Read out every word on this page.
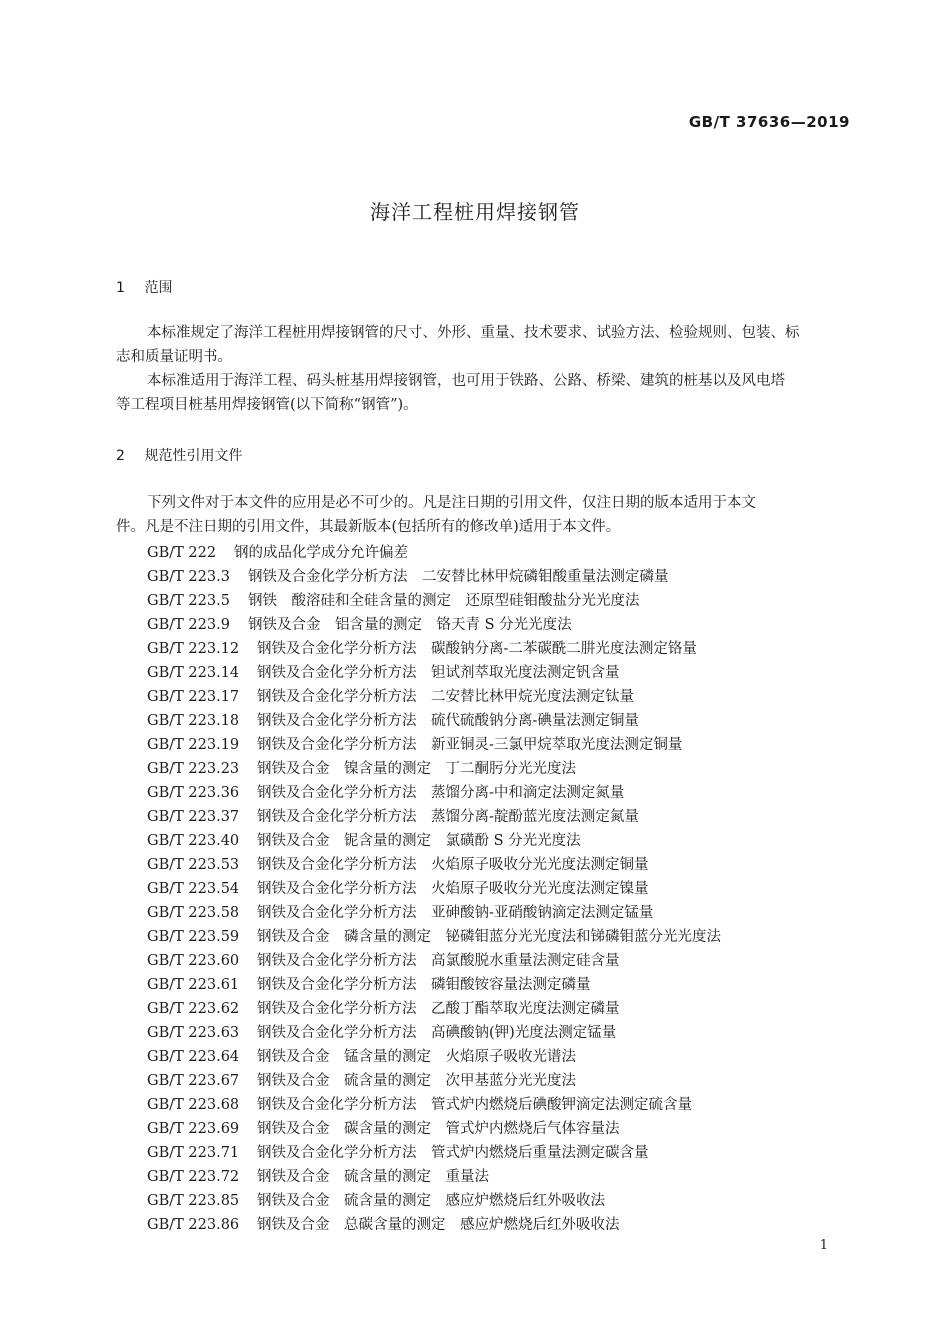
GB/T 37636—2019
海洋工程桩用焊接钢管
1 范围
本标准规定了海洋工程桩用焊接钢管的尺寸、外形、重量、技术要求、试验方法、检验规则、包装、标
志和质量证明书。
本标准适用于海洋工程、码头桩基用焊接钢管，也可用于铁路、公路、桥梁、建筑的桩基以及风电塔
等工程项目桩基用焊接钢管(以下简称“钢管”)。
2 规范性引用文件
下列文件对于本文件的应用是必不可少的。凡是注日期的引用文件，仅注日期的版本适用于本文
件。凡是不注日期的引用文件，其最新版本(包括所有的修改单)适用于本文件。
GB/T 222 钢的成品化学成分允许偏差
GB/T 223.3 钢铁及合金化学分析方法　二安替比林甲烷磷钼酸重量法测定磷量
GB/T 223.5 钢铁　酸溶硅和全硅含量的测定　还原型硅钼酸盐分光光度法
GB/T 223.9 钢铁及合金　铝含量的测定　铬天青 S 分光光度法
GB/T 223.12 钢铁及合金化学分析方法　碳酸钠分离-二苯碳酰二肼光度法测定铬量
GB/T 223.14 钢铁及合金化学分析方法　钽试剂萃取光度法测定钒含量
GB/T 223.17 钢铁及合金化学分析方法　二安替比林甲烷光度法测定钛量
GB/T 223.18 钢铁及合金化学分析方法　硫代硫酸钠分离-碘量法测定铜量
GB/T 223.19 钢铁及合金化学分析方法　新亚铜灵-三氯甲烷萃取光度法测定铜量
GB/T 223.23 钢铁及合金　镍含量的测定　丁二酮肟分光光度法
GB/T 223.36 钢铁及合金化学分析方法　蒸馏分离-中和滴定法测定氮量
GB/T 223.37 钢铁及合金化学分析方法　蒸馏分离-靛酚蓝光度法测定氮量
GB/T 223.40 钢铁及合金　铌含量的测定　氯磺酚 S 分光光度法
GB/T 223.53 钢铁及合金化学分析方法　火焰原子吸收分光光度法测定铜量
GB/T 223.54 钢铁及合金化学分析方法　火焰原子吸收分光光度法测定镍量
GB/T 223.58 钢铁及合金化学分析方法　亚砷酸钠-亚硝酸钠滴定法测定锰量
GB/T 223.59 钢铁及合金　磷含量的测定　铋磷钼蓝分光光度法和锑磷钼蓝分光光度法
GB/T 223.60 钢铁及合金化学分析方法　高氯酸脱水重量法测定硅含量
GB/T 223.61 钢铁及合金化学分析方法　磷钼酸铵容量法测定磷量
GB/T 223.62 钢铁及合金化学分析方法　乙酸丁酯萃取光度法测定磷量
GB/T 223.63 钢铁及合金化学分析方法　高碘酸钠(钾)光度法测定锰量
GB/T 223.64 钢铁及合金　锰含量的测定　火焰原子吸收光谱法
GB/T 223.67 钢铁及合金　硫含量的测定　次甲基蓝分光光度法
GB/T 223.68 钢铁及合金化学分析方法　管式炉内燃烧后碘酸钾滴定法测定硫含量
GB/T 223.69 钢铁及合金　碳含量的测定　管式炉内燃烧后气体容量法
GB/T 223.71 钢铁及合金化学分析方法　管式炉内燃烧后重量法测定碳含量
GB/T 223.72 钢铁及合金　硫含量的测定　重量法
GB/T 223.85 钢铁及合金　硫含量的测定　感应炉燃烧后红外吸收法
GB/T 223.86 钢铁及合金　总碳含量的测定　感应炉燃烧后红外吸收法
1
